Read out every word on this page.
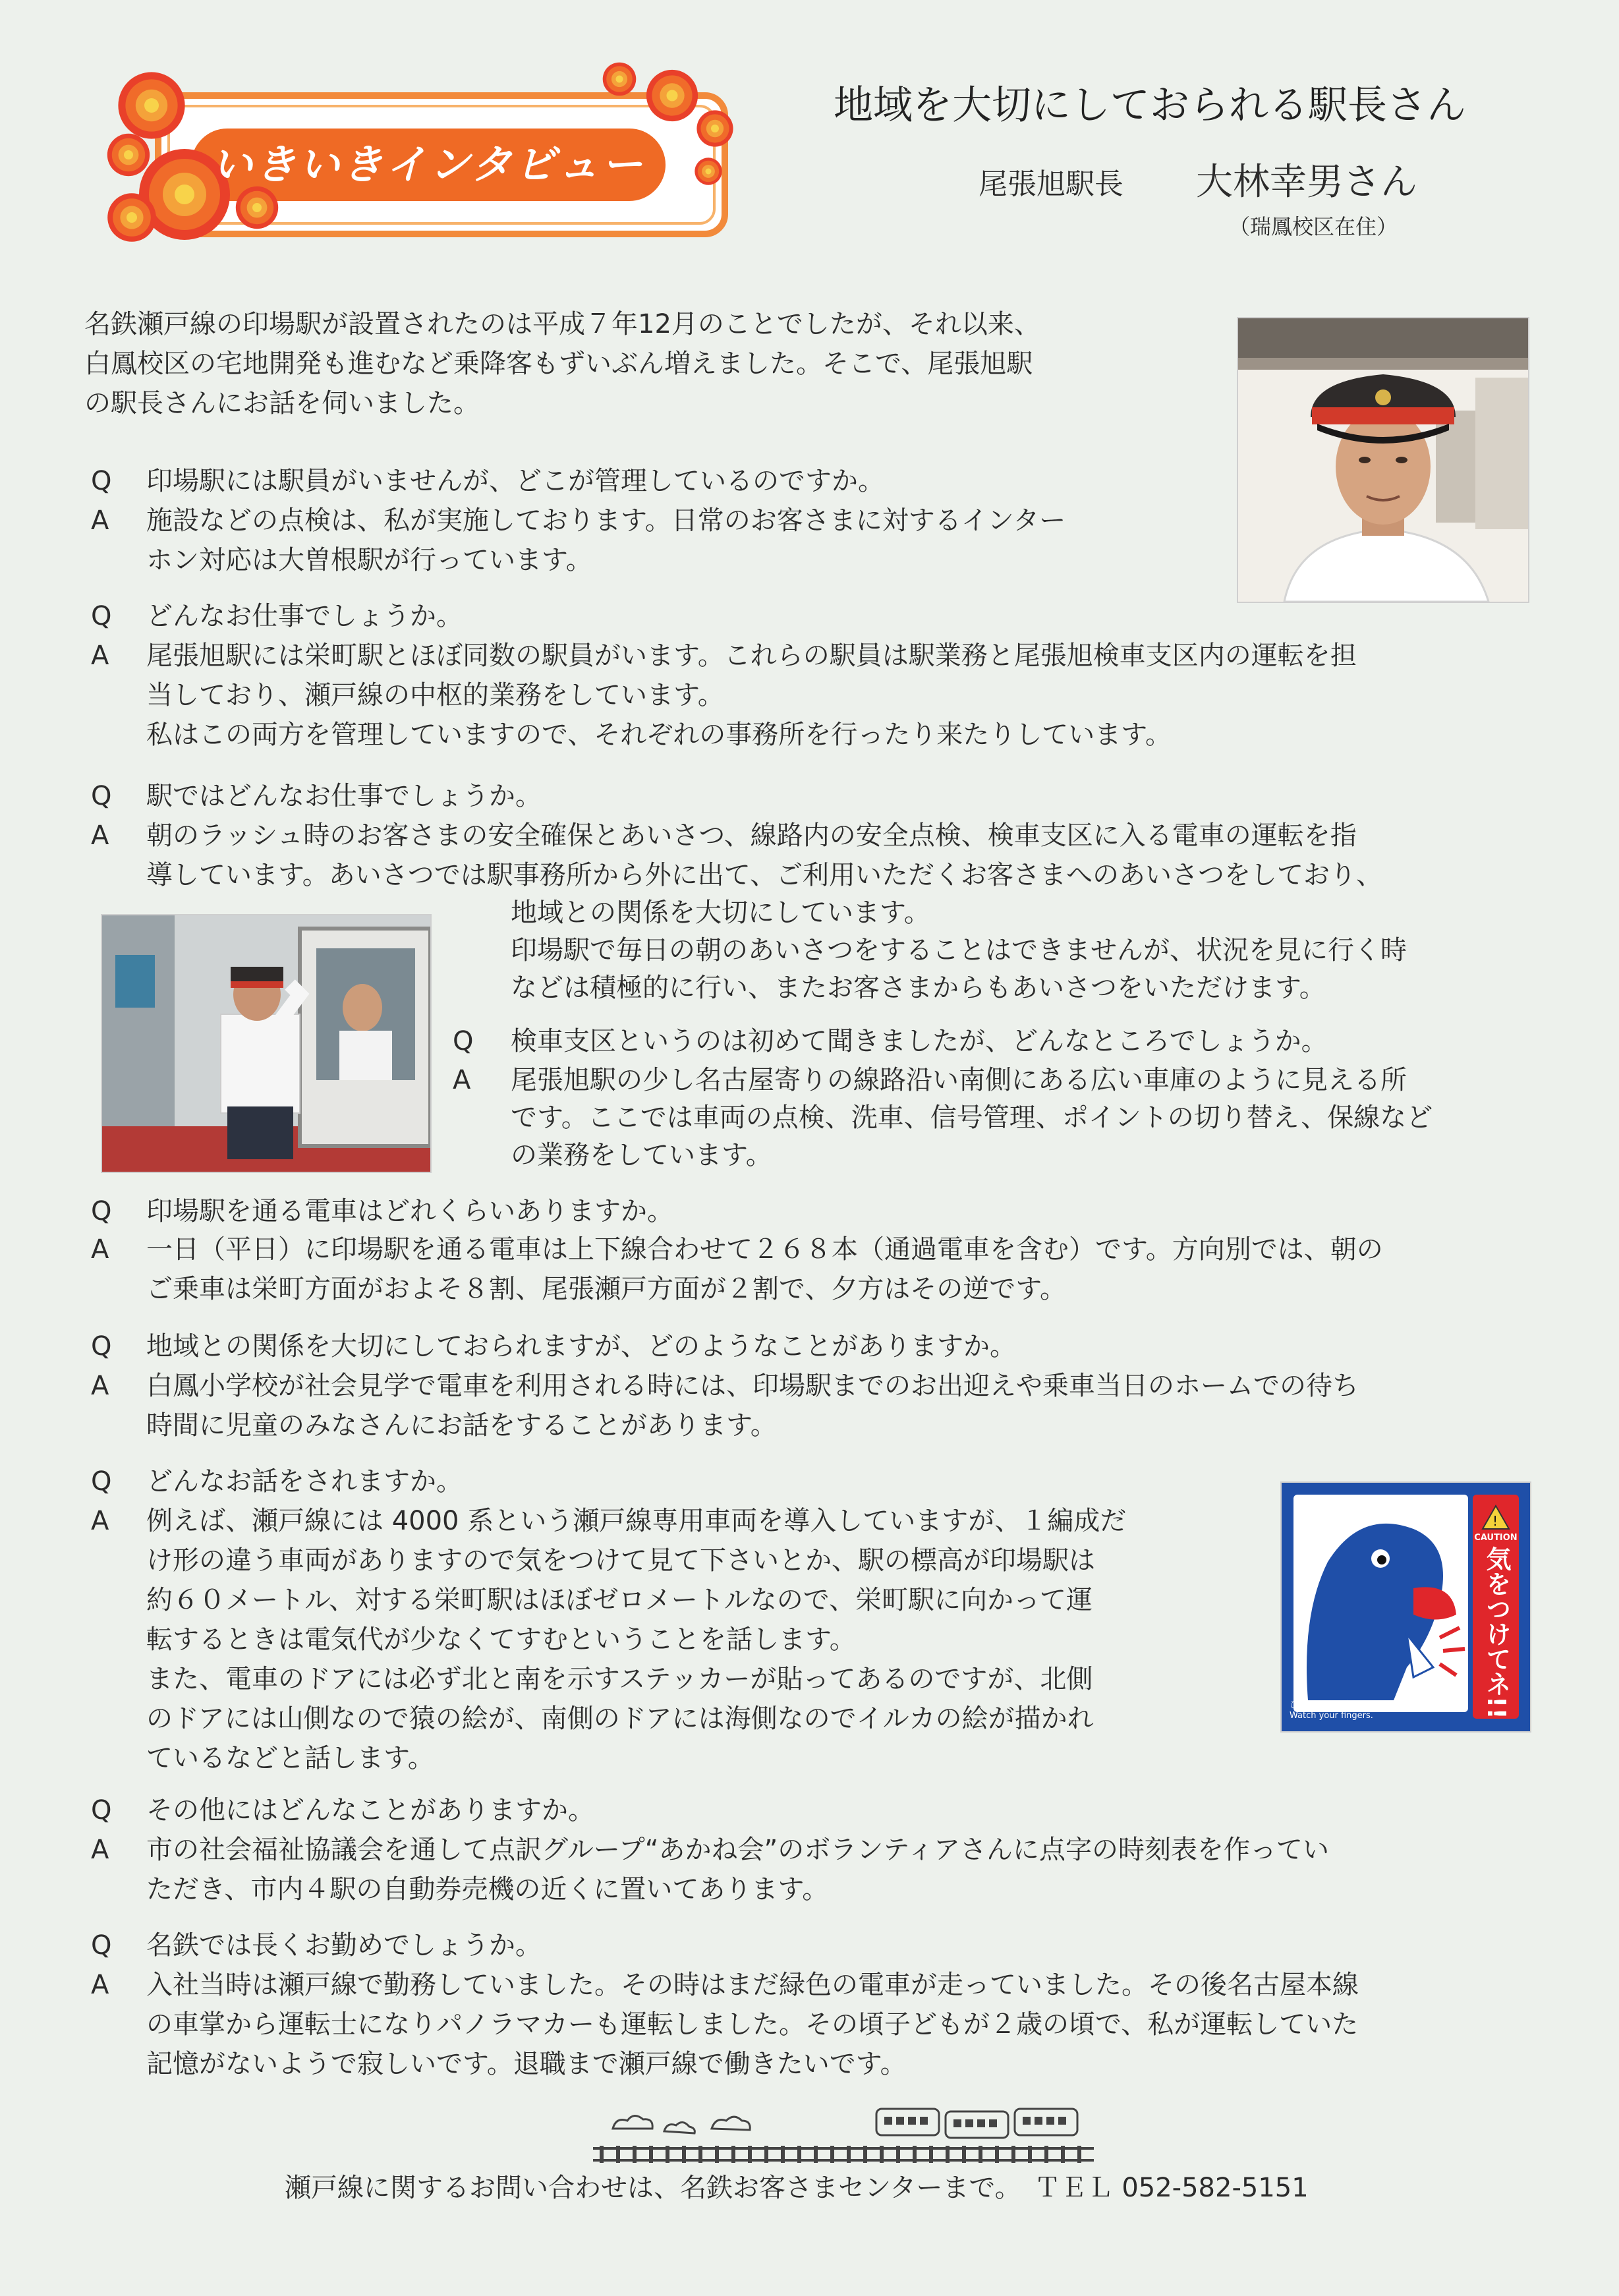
いきいきインタビュー
地域を大切にしておられる駅長さん
尾張旭駅長 大林幸男さん
（瑞鳳校区在住）
名鉄瀬戸線の印場駅が設置されたのは平成７年12月のことでしたが、それ以来、
白鳳校区の宅地開発も進むなど乗降客もずいぶん増えました。そこで、尾張旭駅
の駅長さんにお話を伺いました。
Q 印場駅には駅員がいませんが、どこが管理しているのですか。
A 施設などの点検は、私が実施しております。日常のお客さまに対するインター
ホン対応は大曽根駅が行っています。
Q どんなお仕事でしょうか。
A 尾張旭駅には栄町駅とほぼ同数の駅員がいます。これらの駅員は駅業務と尾張旭検車支区内の運転を担
当しており、瀬戸線の中枢的業務をしています。
私はこの両方を管理していますので、それぞれの事務所を行ったり来たりしています。
Q 駅ではどんなお仕事でしょうか。
A 朝のラッシュ時のお客さまの安全確保とあいさつ、線路内の安全点検、検車支区に入る電車の運転を指
導しています。あいさつでは駅事務所から外に出て、ご利用いただくお客さまへのあいさつをしており、
地域との関係を大切にしています。
印場駅で毎日の朝のあいさつをすることはできませんが、状況を見に行く時
などは積極的に行い、またお客さまからもあいさつをいただけます。
Q 検車支区というのは初めて聞きましたが、どんなところでしょうか。
A 尾張旭駅の少し名古屋寄りの線路沿い南側にある広い車庫のように見える所
です。ここでは車両の点検、洗車、信号管理、ポイントの切り替え、保線など
の業務をしています。
Q 印場駅を通る電車はどれくらいありますか。
A 一日（平日）に印場駅を通る電車は上下線合わせて２６８本（通過電車を含む）です。方向別では、朝の
ご乗車は栄町方面がおよそ８割、尾張瀬戸方面が２割で、夕方はその逆です。
Q 地域との関係を大切にしておられますが、どのようなことがありますか。
A 白鳳小学校が社会見学で電車を利用される時には、印場駅までのお出迎えや乗車当日のホームでの待ち
時間に児童のみなさんにお話をすることがあります。
Q どんなお話をされますか。
A 例えば、瀬戸線には 4000 系という瀬戸線専用車両を導入していますが、１編成だ
け形の違う車両がありますので気をつけて見て下さいとか、駅の標高が印場駅は
約６０メートル、対する栄町駅はほぼゼロメートルなので、栄町駅に向かって運
転するときは電気代が少なくてすむということを話します。
また、電車のドアには必ず北と南を示すステッカーが貼ってあるのですが、北側
のドアには山側なので猿の絵が、南側のドアには海側なのでイルカの絵が描かれ
ているなどと話します。
!
CAUTION
気をつけてネ!!
ひらくドアに手をひきこまれないように
Watch your fingers.
Q その他にはどんなことがありますか。
A 市の社会福祉協議会を通して点訳グループ“あかね会”のボランティアさんに点字の時刻表を作ってい
ただき、市内４駅の自動券売機の近くに置いてあります。
Q 名鉄では長くお勤めでしょうか。
A 入社当時は瀬戸線で勤務していました。その時はまだ緑色の電車が走っていました。その後名古屋本線
の車掌から運転士になりパノラマカーも運転しました。その頃子どもが２歳の頃で、私が運転していた
記憶がないようで寂しいです。退職まで瀬戸線で働きたいです。
瀬戸線に関するお問い合わせは、名鉄お客さまセンターまで。　ＴＥＬ 052-582-5151
